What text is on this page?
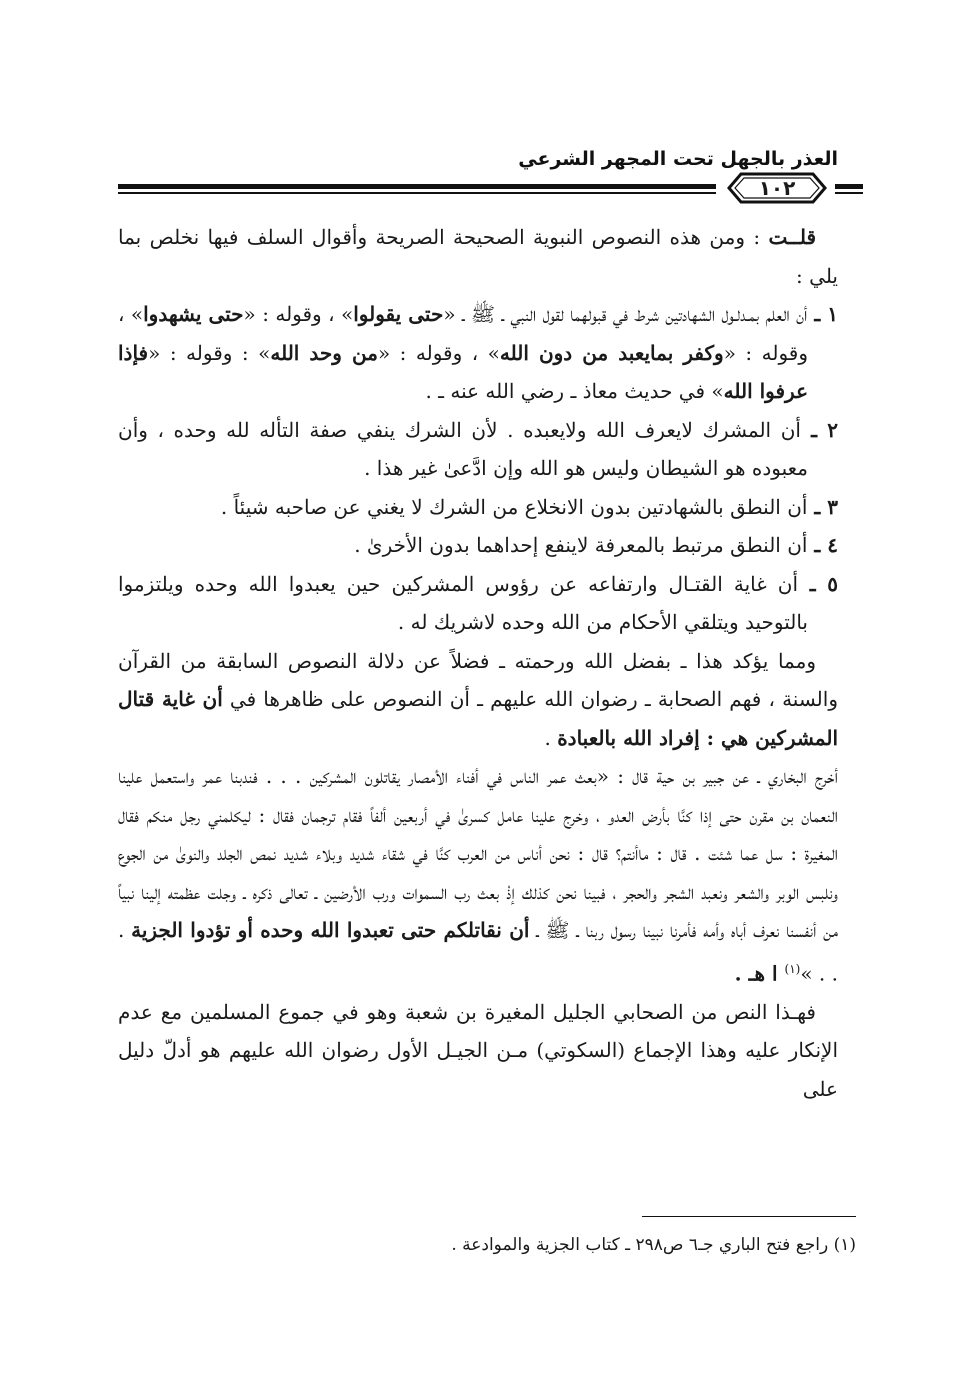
العذر بالجهل تحت المجهر الشرعي
١٠٢

قلــت : ومن هذه النصوص النبوية الصحيحة الصريحة وأقوال السلف فيها نخلص بما يلي :

١ ـ أن العلم بمـدلـول الشهادتين شرط في قبولهما لقول النبي ـ ﷺ ـ «حتى يقولوا» ، وقوله : «حتى يشهدوا» ، وقوله : «وكفر بمايعبد من دون الله» ، وقوله : «من وحد الله» : وقوله : «فإذا عرفوا الله» في حديث معاذ ـ رضي الله عنه ـ .

٢ ـ أن المشرك لايعرف الله ولايعبده . لأن الشرك ينفي صفة التأله لله وحده ، وأن معبوده هو الشيطان وليس هو الله وإن ادَّعىٰ غير هذا .

٣ ـ أن النطق بالشهادتين بدون الانخلاع من الشرك لا يغني عن صاحبه شيئاً .

٤ ـ أن النطق مرتبط بالمعرفة لاينفع إحداهما بدون الأخرىٰ .

٥ ـ أن غاية القتـال وارتفاعه عن رؤوس المشركين حين يعبدوا الله وحده ويلتزموا بالتوحيد ويتلقي الأحكام من الله وحده لاشريك له .

ومما يؤكد هذا ـ بفضل الله ورحمته ـ فضلاً عن دلالة النصوص السابقة من القرآن والسنة ، فهم الصحابة ـ رضوان الله عليهم ـ أن النصوص على ظاهرها في أن غاية قتال المشركين هي : إفراد الله بالعبادة .

أخرج البخاري ـ عن جبير بن حية قال : «بعث عمر الناس في أفناء الأمصار يقاتلون المشركين . . . فندبنا عمر واستعمل علينا النعمان بن مقرن حتى إذا كنَّا بأرض العدو ، وخرج علينا عامل كسرىٰ في أربعين ألفاً فقام ترجمان فقال : ليكلمني رجل منكم فقال المغيرة : سل عما شئت . قال : ماأنتم؟ قال : نحن أناس من العرب كنَّا في شقاء شديد وبلاء شديد نمص الجلد والنوىٰ من الجوع ونلبس الوبر والشعر ونعبد الشجر والحجر ، فبينا نحن كذلك إذْ بعث رب السموات ورب الأرضين ـ تعالى ذكره ـ وجلت عظمته إلينا نبياً من أنفسنا نعرف أباه وأمه فأمرنا نبينا رسول ربنا ـ ﷺ ـ أن نقاتلكم حتى تعبدوا الله وحده أو تؤدوا الجزية . . . »$^{(١)}$ ا هـ .

فهـذا النص من الصحابي الجليل المغيرة بن شعبة وهو في جموع المسلمين مع عدم الإنكار عليه وهذا الإجماع (السكوتي) مـن الجيـل الأول رضوان الله عليهم هو أدلّ دليل على

(١) راجع فتح الباري جـ٦ ص٢٩٨ ـ كتاب الجزية والموادعة .
